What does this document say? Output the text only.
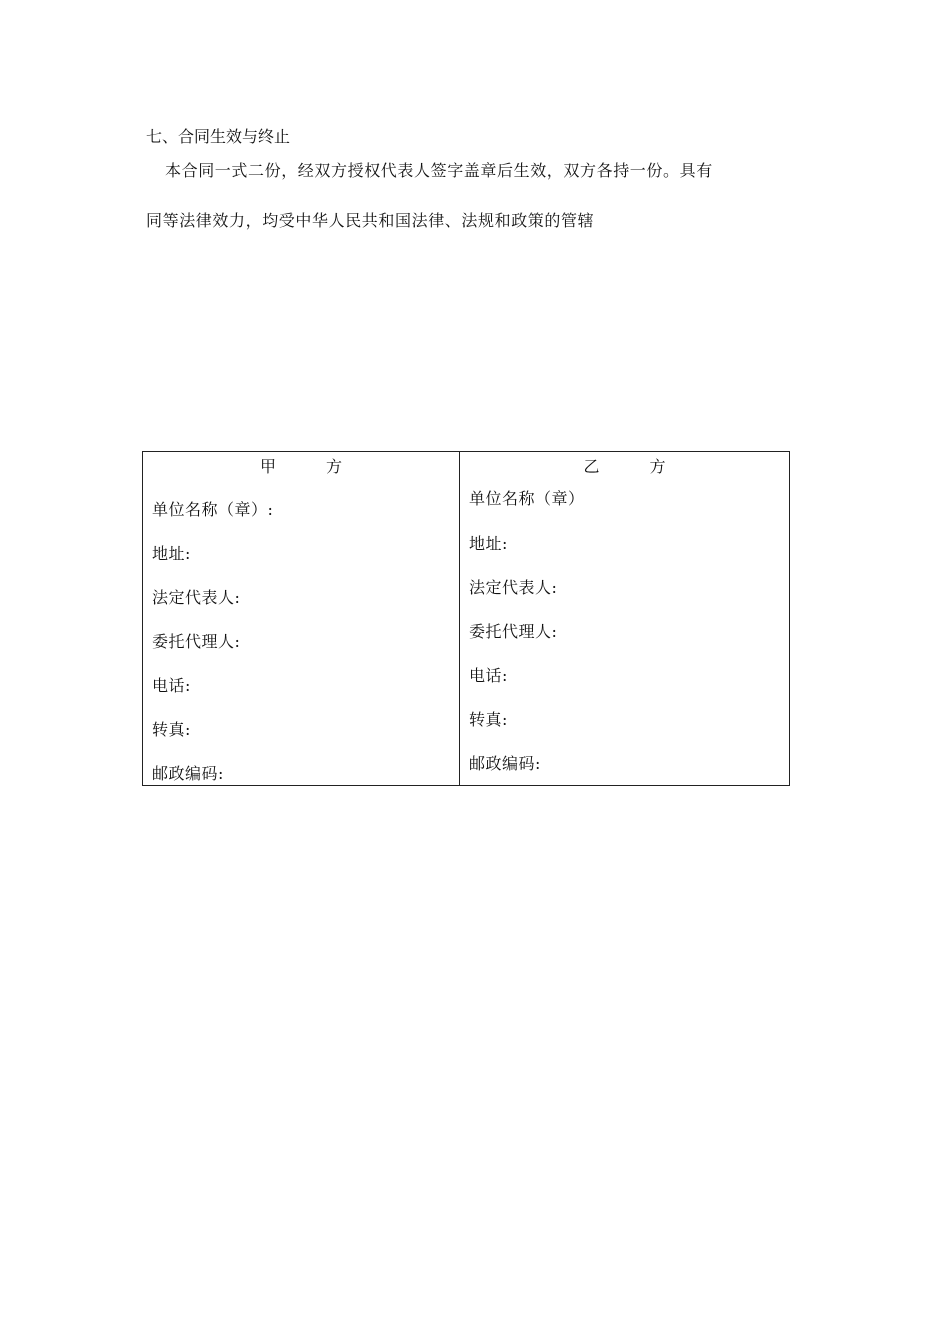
七、合同生效与终止
本合同一式二份，经双方授权代表人签字盖章后生效，双方各持一份。具有
同等法律效力，均受中华人民共和国法律、法规和政策的管辖
甲方
单位名称（章）:
地址:
法定代表人:
委托代理人:
电话:
转真:
邮政编码:
乙方
单位名称（章）
地址:
法定代表人:
委托代理人:
电话:
转真:
邮政编码:
